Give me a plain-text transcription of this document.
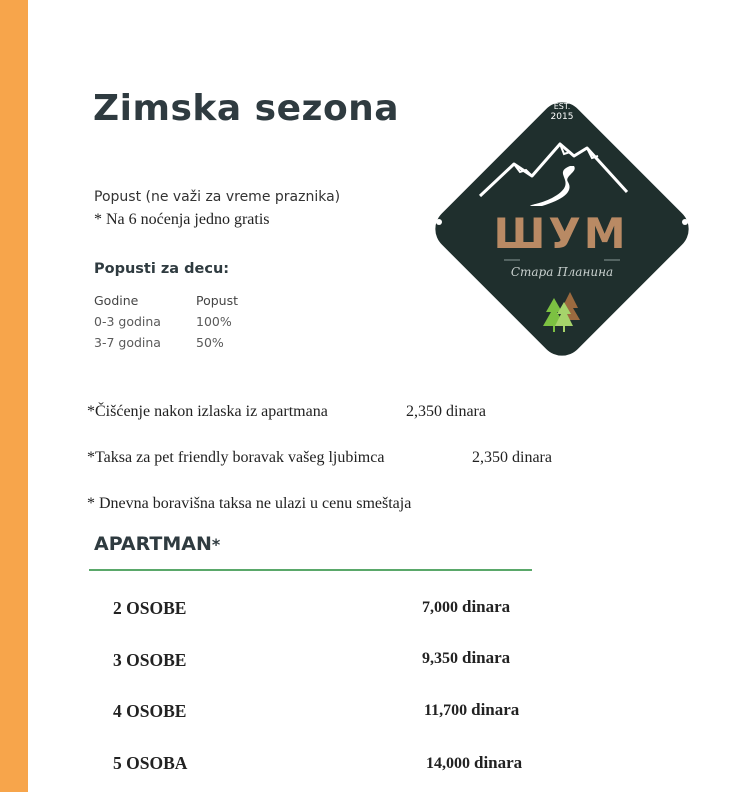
Zimska sezona
Popust (ne važi za vreme praznika)
* Na 6 noćenja jedno gratis
Popusti za decu:
Godine	Popust
0-3 godina	100%
3-7 godina	50%
*Čišćenje nakon izlaska iz apartmana	2,350 dinara
*Taksa za pet friendly boravak vašeg ljubimca	2,350 dinara
* Dnevna boravišna taksa ne ulazi u cenu smeštaja
APARTMAN*
2 OSOBE	7,000 dinara
3 OSOBE	9,350 dinara
4 OSOBE	11,700 dinara
5 OSOBA	14,000 dinara
EST.
2015
ШУМ
Стара Планина
